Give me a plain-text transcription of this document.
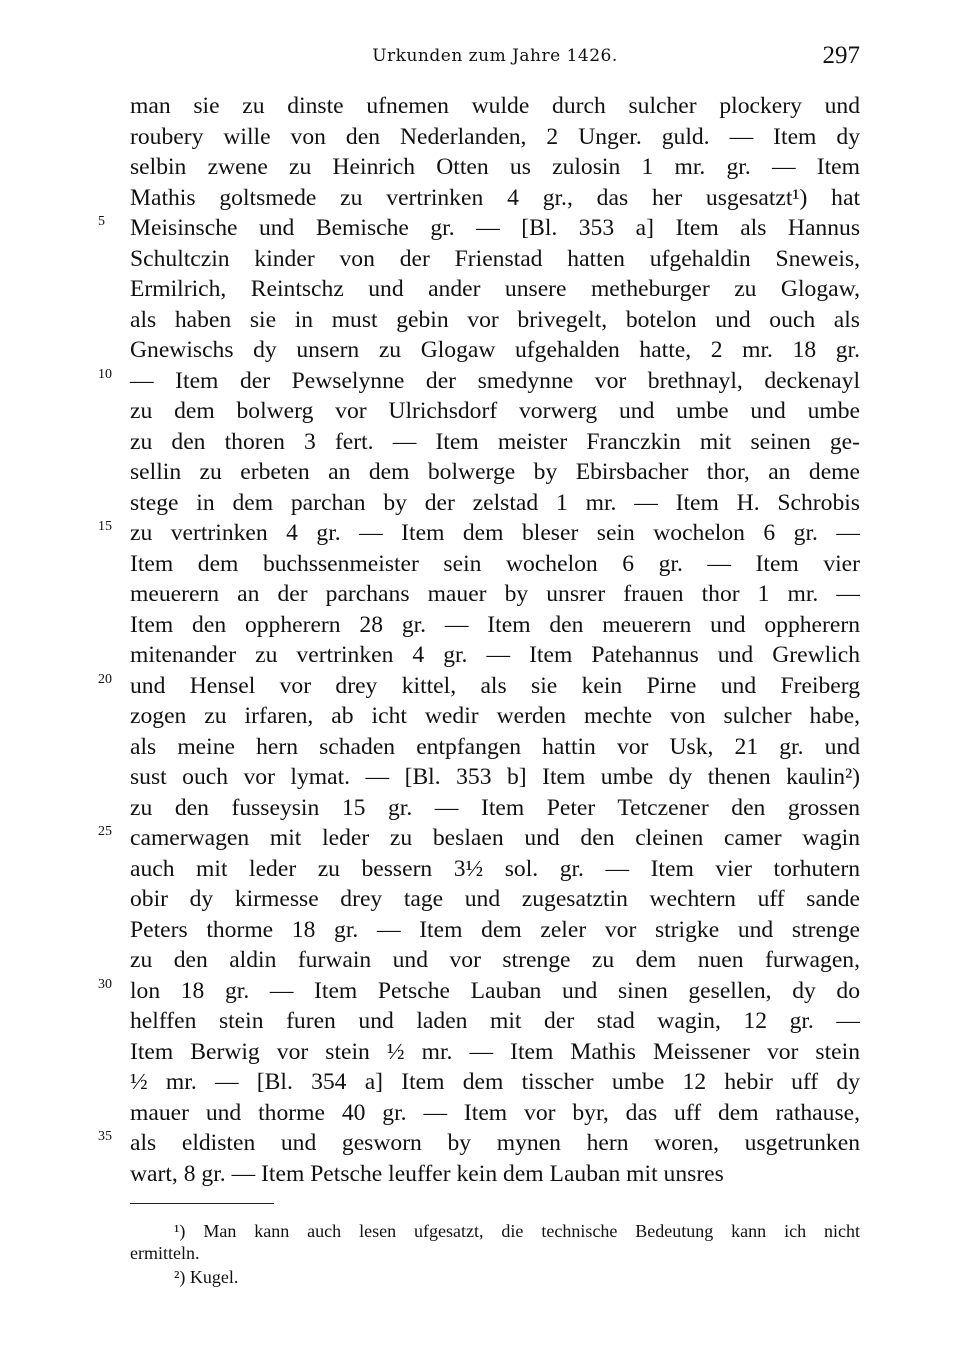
Urkunden zum Jahre 1426.	297
man sie zu dinste ufnemen wulde durch sulcher plockery und
roubery wille von den Nederlanden, 2 Unger. guld. — Item dy
selbin zwene zu Heinrich Otten us zulosin 1 mr. gr. — Item
Mathis goltsmede zu vertrinken 4 gr., das her usgesatzt¹) hat
Meisinsche und Bemische gr. — [Bl. 353 a] Item als Hannus
5
Schultczin kinder von der Frienstad hatten ufgehaldin Sneweis,
Ermilrich, Reintschz und ander unsere metheburger zu Glogaw,
als haben sie in must gebin vor brivegelt, botelon und ouch als
Gnewischs dy unsern zu Glogaw ufgehalden hatte, 2 mr. 18 gr.
— Item der Pewselynne der smedynne vor brethnayl, deckenayl
10
zu dem bolwerg vor Ulrichsdorf vorwerg und umbe und umbe
zu den thoren 3 fert. — Item meister Franczkin mit seinen ge-
sellin zu erbeten an dem bolwerge by Ebirsbacher thor, an deme
stege in dem parchan by der zelstad 1 mr. — Item H. Schrobis
zu vertrinken 4 gr. — Item dem bleser sein wochelon 6 gr. —
15
Item dem buchssenmeister sein wochelon 6 gr. — Item vier
meuerern an der parchans mauer by unsrer frauen thor 1 mr. —
Item den oppherern 28 gr. — Item den meuerern und oppherern
mitenander zu vertrinken 4 gr. — Item Patehannus und Grewlich
und Hensel vor drey kittel, als sie kein Pirne und Freiberg
20
zogen zu irfaren, ab icht wedir werden mechte von sulcher habe,
als meine hern schaden entpfangen hattin vor Usk, 21 gr. und
sust ouch vor lymat. — [Bl. 353 b] Item umbe dy thenen kaulin²)
zu den fusseysin 15 gr. — Item Peter Tetczener den grossen
camerwagen mit leder zu beslaen und den cleinen camer wagin
25
auch mit leder zu bessern 3½ sol. gr. — Item vier torhutern
obir dy kirmesse drey tage und zugesatztin wechtern uff sande
Peters thorme 18 gr. — Item dem zeler vor strigke und strenge
zu den aldin furwain und vor strenge zu dem nuen furwagen,
lon 18 gr. — Item Petsche Lauban und sinen gesellen, dy do
30
helffen stein furen und laden mit der stad wagin, 12 gr. —
Item Berwig vor stein ½ mr. — Item Mathis Meissener vor stein
½ mr. — [Bl. 354 a] Item dem tisscher umbe 12 hebir uff dy
mauer und thorme 40 gr. — Item vor byr, das uff dem rathause,
als eldisten und gesworn by mynen hern woren, usgetrunken
35
wart, 8 gr. — Item Petsche leuffer kein dem Lauban mit unsres
¹) Man kann auch lesen ufgesatzt, die technische Bedeutung kann ich nicht
ermitteln.
²) Kugel.
